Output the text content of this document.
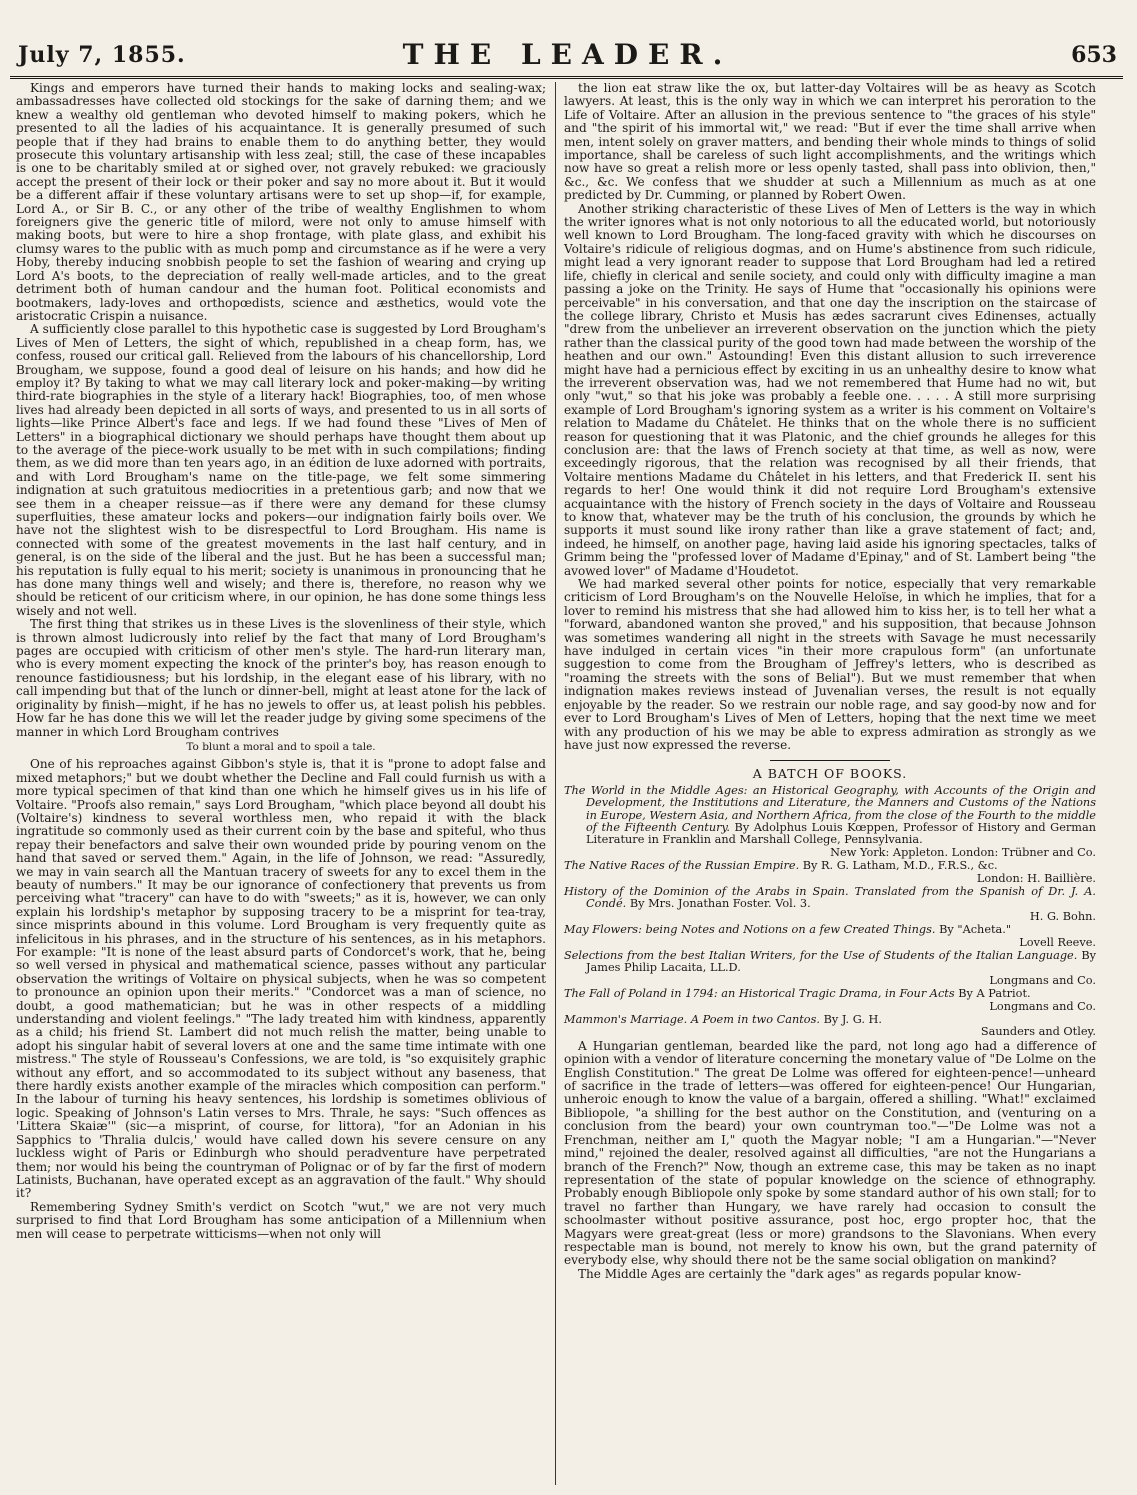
July 7, 1855.	THE LEADER.	653

Kings and emperors have turned their hands to making locks and sealing-wax; ambassadresses have collected old stockings for the sake of darning them; and we knew a wealthy old gentleman who devoted himself to making pokers, which he presented to all the ladies of his acquaintance. It is generally presumed of such people that if they had brains to enable them to do anything better, they would prosecute this voluntary artisanship with less zeal; still, the case of these incapables is one to be charitably smiled at or sighed over, not gravely rebuked: we graciously accept the present of their lock or their poker and say no more about it. But it would be a different affair if these voluntary artisans were to set up shop—if, for example, Lord A., or Sir B. C., or any other of the tribe of wealthy Englishmen to whom foreigners give the generic title of milord, were not only to amuse himself with making boots, but were to hire a shop frontage, with plate glass, and exhibit his clumsy wares to the public with as much pomp and circumstance as if he were a very Hoby, thereby inducing snobbish people to set the fashion of wearing and crying up Lord A's boots, to the depreciation of really well-made articles, and to the great detriment both of human candour and the human foot. Political economists and bootmakers, lady-loves and orthopœdists, science and æsthetics, would vote the aristocratic Crispin a nuisance.

A sufficiently close parallel to this hypothetic case is suggested by Lord Brougham's Lives of Men of Letters, the sight of which, republished in a cheap form, has, we confess, roused our critical gall. Relieved from the labours of his chancellorship, Lord Brougham, we suppose, found a good deal of leisure on his hands; and how did he employ it? By taking to what we may call literary lock and poker-making—by writing third-rate biographies in the style of a literary hack! Biographies, too, of men whose lives had already been depicted in all sorts of ways, and presented to us in all sorts of lights—like Prince Albert's face and legs. If we had found these "Lives of Men of Letters" in a biographical dictionary we should perhaps have thought them about up to the average of the piece-work usually to be met with in such compilations; finding them, as we did more than ten years ago, in an édition de luxe adorned with portraits, and with Lord Brougham's name on the title-page, we felt some simmering indignation at such gratuitous mediocrities in a pretentious garb; and now that we see them in a cheaper reissue—as if there were any demand for these clumsy superfluities, these amateur locks and pokers—our indignation fairly boils over. We have not the slightest wish to be disrespectful to Lord Brougham. His name is connected with some of the greatest movements in the last half century, and in general, is on the side of the liberal and the just. But he has been a successful man; his reputation is fully equal to his merit; society is unanimous in pronouncing that he has done many things well and wisely; and there is, therefore, no reason why we should be reticent of our criticism where, in our opinion, he has done some things less wisely and not well.

The first thing that strikes us in these Lives is the slovenliness of their style, which is thrown almost ludicrously into relief by the fact that many of Lord Brougham's pages are occupied with criticism of other men's style. The hard-run literary man, who is every moment expecting the knock of the printer's boy, has reason enough to renounce fastidiousness; but his lordship, in the elegant ease of his library, with no call impending but that of the lunch or dinner-bell, might at least atone for the lack of originality by finish—might, if he has no jewels to offer us, at least polish his pebbles. How far he has done this we will let the reader judge by giving some specimens of the manner in which Lord Brougham contrives

To blunt a moral and to spoil a tale.

One of his reproaches against Gibbon's style is, that it is "prone to adopt false and mixed metaphors;" but we doubt whether the Decline and Fall could furnish us with a more typical specimen of that kind than one which he himself gives us in his life of Voltaire. "Proofs also remain," says Lord Brougham, "which place beyond all doubt his (Voltaire's) kindness to several worthless men, who repaid it with the black ingratitude so commonly used as their current coin by the base and spiteful, who thus repay their benefactors and salve their own wounded pride by pouring venom on the hand that saved or served them." Again, in the life of Johnson, we read: "Assuredly, we may in vain search all the Mantuan tracery of sweets for any to excel them in the beauty of numbers." It may be our ignorance of confectionery that prevents us from perceiving what "tracery" can have to do with "sweets;" as it is, however, we can only explain his lordship's metaphor by supposing tracery to be a misprint for tea-tray, since misprints abound in this volume. Lord Brougham is very frequently quite as infelicitous in his phrases, and in the structure of his sentences, as in his metaphors. For example: "It is none of the least absurd parts of Condorcet's work, that he, being so well versed in physical and mathematical science, passes without any particular observation the writings of Voltaire on physical subjects, when he was so competent to pronounce an opinion upon their merits." "Condorcet was a man of science, no doubt, a good mathematician; but he was in other respects of a middling understanding and violent feelings." "The lady treated him with kindness, apparently as a child; his friend St. Lambert did not much relish the matter, being unable to adopt his singular habit of several lovers at one and the same time intimate with one mistress." The style of Rousseau's Confessions, we are told, is "so exquisitely graphic without any effort, and so accommodated to its subject without any baseness, that there hardly exists another example of the miracles which composition can perform." In the labour of turning his heavy sentences, his lordship is sometimes oblivious of logic. Speaking of Johnson's Latin verses to Mrs. Thrale, he says: "Such offences as 'Littera Skaiæ'" (sic—a misprint, of course, for littora), "for an Adonian in his Sapphics to 'Thralia dulcis,' would have called down his severe censure on any luckless wight of Paris or Edinburgh who should peradventure have perpetrated them; nor would his being the countryman of Polignac or of by far the first of modern Latinists, Buchanan, have operated except as an aggravation of the fault." Why should it?

Remembering Sydney Smith's verdict on Scotch "wut," we are not very much surprised to find that Lord Brougham has some anticipation of a Millennium when men will cease to perpetrate witticisms—when not only will

the lion eat straw like the ox, but latter-day Voltaires will be as heavy as Scotch lawyers. At least, this is the only way in which we can interpret his peroration to the Life of Voltaire. After an allusion in the previous sentence to "the graces of his style" and "the spirit of his immortal wit," we read: "But if ever the time shall arrive when men, intent solely on graver matters, and bending their whole minds to things of solid importance, shall be careless of such light accomplishments, and the writings which now have so great a relish more or less openly tasted, shall pass into oblivion, then," &c., &c. We confess that we shudder at such a Millennium as much as at one predicted by Dr. Cumming, or planned by Robert Owen.

Another striking characteristic of these Lives of Men of Letters is the way in which the writer ignores what is not only notorious to all the educated world, but notoriously well known to Lord Brougham. The long-faced gravity with which he discourses on Voltaire's ridicule of religious dogmas, and on Hume's abstinence from such ridicule, might lead a very ignorant reader to suppose that Lord Brougham had led a retired life, chiefly in clerical and senile society, and could only with difficulty imagine a man passing a joke on the Trinity. He says of Hume that "occasionally his opinions were perceivable" in his conversation, and that one day the inscription on the staircase of the college library, Christo et Musis has ædes sacrarunt cives Edinenses, actually "drew from the unbeliever an irreverent observation on the junction which the piety rather than the classical purity of the good town had made between the worship of the heathen and our own." Astounding! Even this distant allusion to such irreverence might have had a pernicious effect by exciting in us an unhealthy desire to know what the irreverent observation was, had we not remembered that Hume had no wit, but only "wut," so that his joke was probably a feeble one. . . . . A still more surprising example of Lord Brougham's ignoring system as a writer is his comment on Voltaire's relation to Madame du Châtelet. He thinks that on the whole there is no sufficient reason for questioning that it was Platonic, and the chief grounds he alleges for this conclusion are: that the laws of French society at that time, as well as now, were exceedingly rigorous, that the relation was recognised by all their friends, that Voltaire mentions Madame du Châtelet in his letters, and that Frederick II. sent his regards to her! One would think it did not require Lord Brougham's extensive acquaintance with the history of French society in the days of Voltaire and Rousseau to know that, whatever may be the truth of his conclusion, the grounds by which he supports it must sound like irony rather than like a grave statement of fact; and, indeed, he himself, on another page, having laid aside his ignoring spectacles, talks of Grimm being the "professed lover of Madame d'Epinay," and of St. Lambert being "the avowed lover" of Madame d'Houdetot.

We had marked several other points for notice, especially that very remarkable criticism of Lord Brougham's on the Nouvelle Heloïse, in which he implies, that for a lover to remind his mistress that she had allowed him to kiss her, is to tell her what a "forward, abandoned wanton she proved," and his supposition, that because Johnson was sometimes wandering all night in the streets with Savage he must necessarily have indulged in certain vices "in their more crapulous form" (an unfortunate suggestion to come from the Brougham of Jeffrey's letters, who is described as "roaming the streets with the sons of Belial"). But we must remember that when indignation makes reviews instead of Juvenalian verses, the result is not equally enjoyable by the reader. So we restrain our noble rage, and say good-by now and for ever to Lord Brougham's Lives of Men of Letters, hoping that the next time we meet with any production of his we may be able to express admiration as strongly as we have just now expressed the reverse.

A BATCH OF BOOKS.
The World in the Middle Ages: an Historical Geography, with Accounts of the Origin and Development, the Institutions and Literature, the Manners and Customs of the Nations in Europe, Western Asia, and Northern Africa, from the close of the Fourth to the middle of the Fifteenth Century. By Adolphus Louis Kœppen, Professor of History and German Literature in Franklin and Marshall College, Pennsylvania.
New York: Appleton. London: Trübner and Co.
The Native Races of the Russian Empire. By R. G. Latham, M.D., F.R.S., &c.
London: H. Baillière.
History of the Dominion of the Arabs in Spain. Translated from the Spanish of Dr. J. A. Condé. By Mrs. Jonathan Foster. Vol. 3.
H. G. Bohn.
May Flowers: being Notes and Notions on a few Created Things. By "Acheta."
Lovell Reeve.
Selections from the best Italian Writers, for the Use of Students of the Italian Language. By James Philip Lacaita, LL.D.
Longmans and Co.
The Fall of Poland in 1794: an Historical Tragic Drama, in Four Acts By A Patriot.
Longmans and Co.
Mammon's Marriage. A Poem in two Cantos. By J. G. H.
Saunders and Otley.

A Hungarian gentleman, bearded like the pard, not long ago had a difference of opinion with a vendor of literature concerning the monetary value of "De Lolme on the English Constitution." The great De Lolme was offered for eighteen-pence!—unheard of sacrifice in the trade of letters—was offered for eighteen-pence! Our Hungarian, unheroic enough to know the value of a bargain, offered a shilling. "What!" exclaimed Bibliopole, "a shilling for the best author on the Constitution, and (venturing on a conclusion from the beard) your own countryman too."—"De Lolme was not a Frenchman, neither am I," quoth the Magyar noble; "I am a Hungarian."—"Never mind," rejoined the dealer, resolved against all difficulties, "are not the Hungarians a branch of the French?" Now, though an extreme case, this may be taken as no inapt representation of the state of popular knowledge on the science of ethnography. Probably enough Bibliopole only spoke by some standard author of his own stall; for to travel no farther than Hungary, we have rarely had occasion to consult the schoolmaster without positive assurance, post hoc, ergo propter hoc, that the Magyars were great-great (less or more) grandsons to the Slavonians. When every respectable man is bound, not merely to know his own, but the grand paternity of everybody else, why should there not be the same social obligation on mankind?

The Middle Ages are certainly the "dark ages" as regards popular know-
